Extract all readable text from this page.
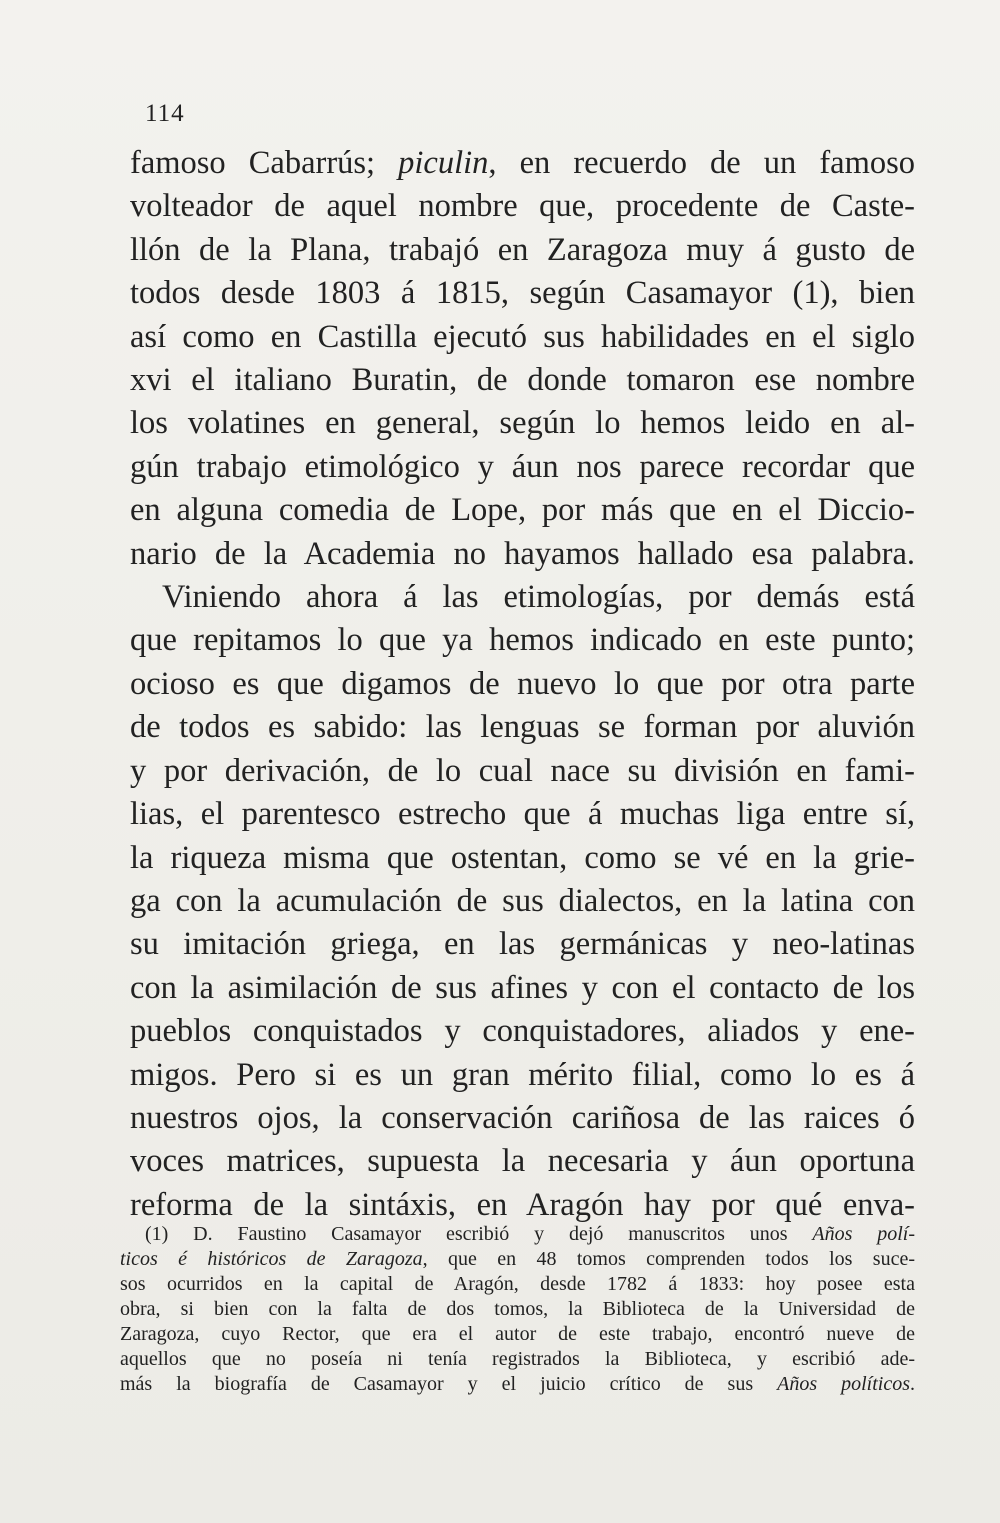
114
famoso Cabarrús; piculin, en recuerdo de un famoso
volteador de aquel nombre que, procedente de Caste-
llón de la Plana, trabajó en Zaragoza muy á gusto de
todos desde 1803 á 1815, según Casamayor (1), bien
así como en Castilla ejecutó sus habilidades en el siglo
xvi el italiano Buratin, de donde tomaron ese nombre
los volatines en general, según lo hemos leido en al-
gún trabajo etimológico y áun nos parece recordar que
en alguna comedia de Lope, por más que en el Diccio-
nario de la Academia no hayamos hallado esa palabra.
Viniendo ahora á las etimologías, por demás está
que repitamos lo que ya hemos indicado en este punto;
ocioso es que digamos de nuevo lo que por otra parte
de todos es sabido: las lenguas se forman por aluvión
y por derivación, de lo cual nace su división en fami-
lias, el parentesco estrecho que á muchas liga entre sí,
la riqueza misma que ostentan, como se vé en la grie-
ga con la acumulación de sus dialectos, en la latina con
su imitación griega, en las germánicas y neo-latinas
con la asimilación de sus afines y con el contacto de los
pueblos conquistados y conquistadores, aliados y ene-
migos. Pero si es un gran mérito filial, como lo es á
nuestros ojos, la conservación cariñosa de las raices ó
voces matrices, supuesta la necesaria y áun oportuna
reforma de la sintáxis, en Aragón hay por qué enva-
(1) D. Faustino Casamayor escribió y dejó manuscritos unos Años polí-
ticos é históricos de Zaragoza, que en 48 tomos comprenden todos los suce-
sos ocurridos en la capital de Aragón, desde 1782 á 1833: hoy posee esta
obra, si bien con la falta de dos tomos, la Biblioteca de la Universidad de
Zaragoza, cuyo Rector, que era el autor de este trabajo, encontró nueve de
aquellos que no poseía ni tenía registrados la Biblioteca, y escribió ade-
más la biografía de Casamayor y el juicio crítico de sus Años políticos.
